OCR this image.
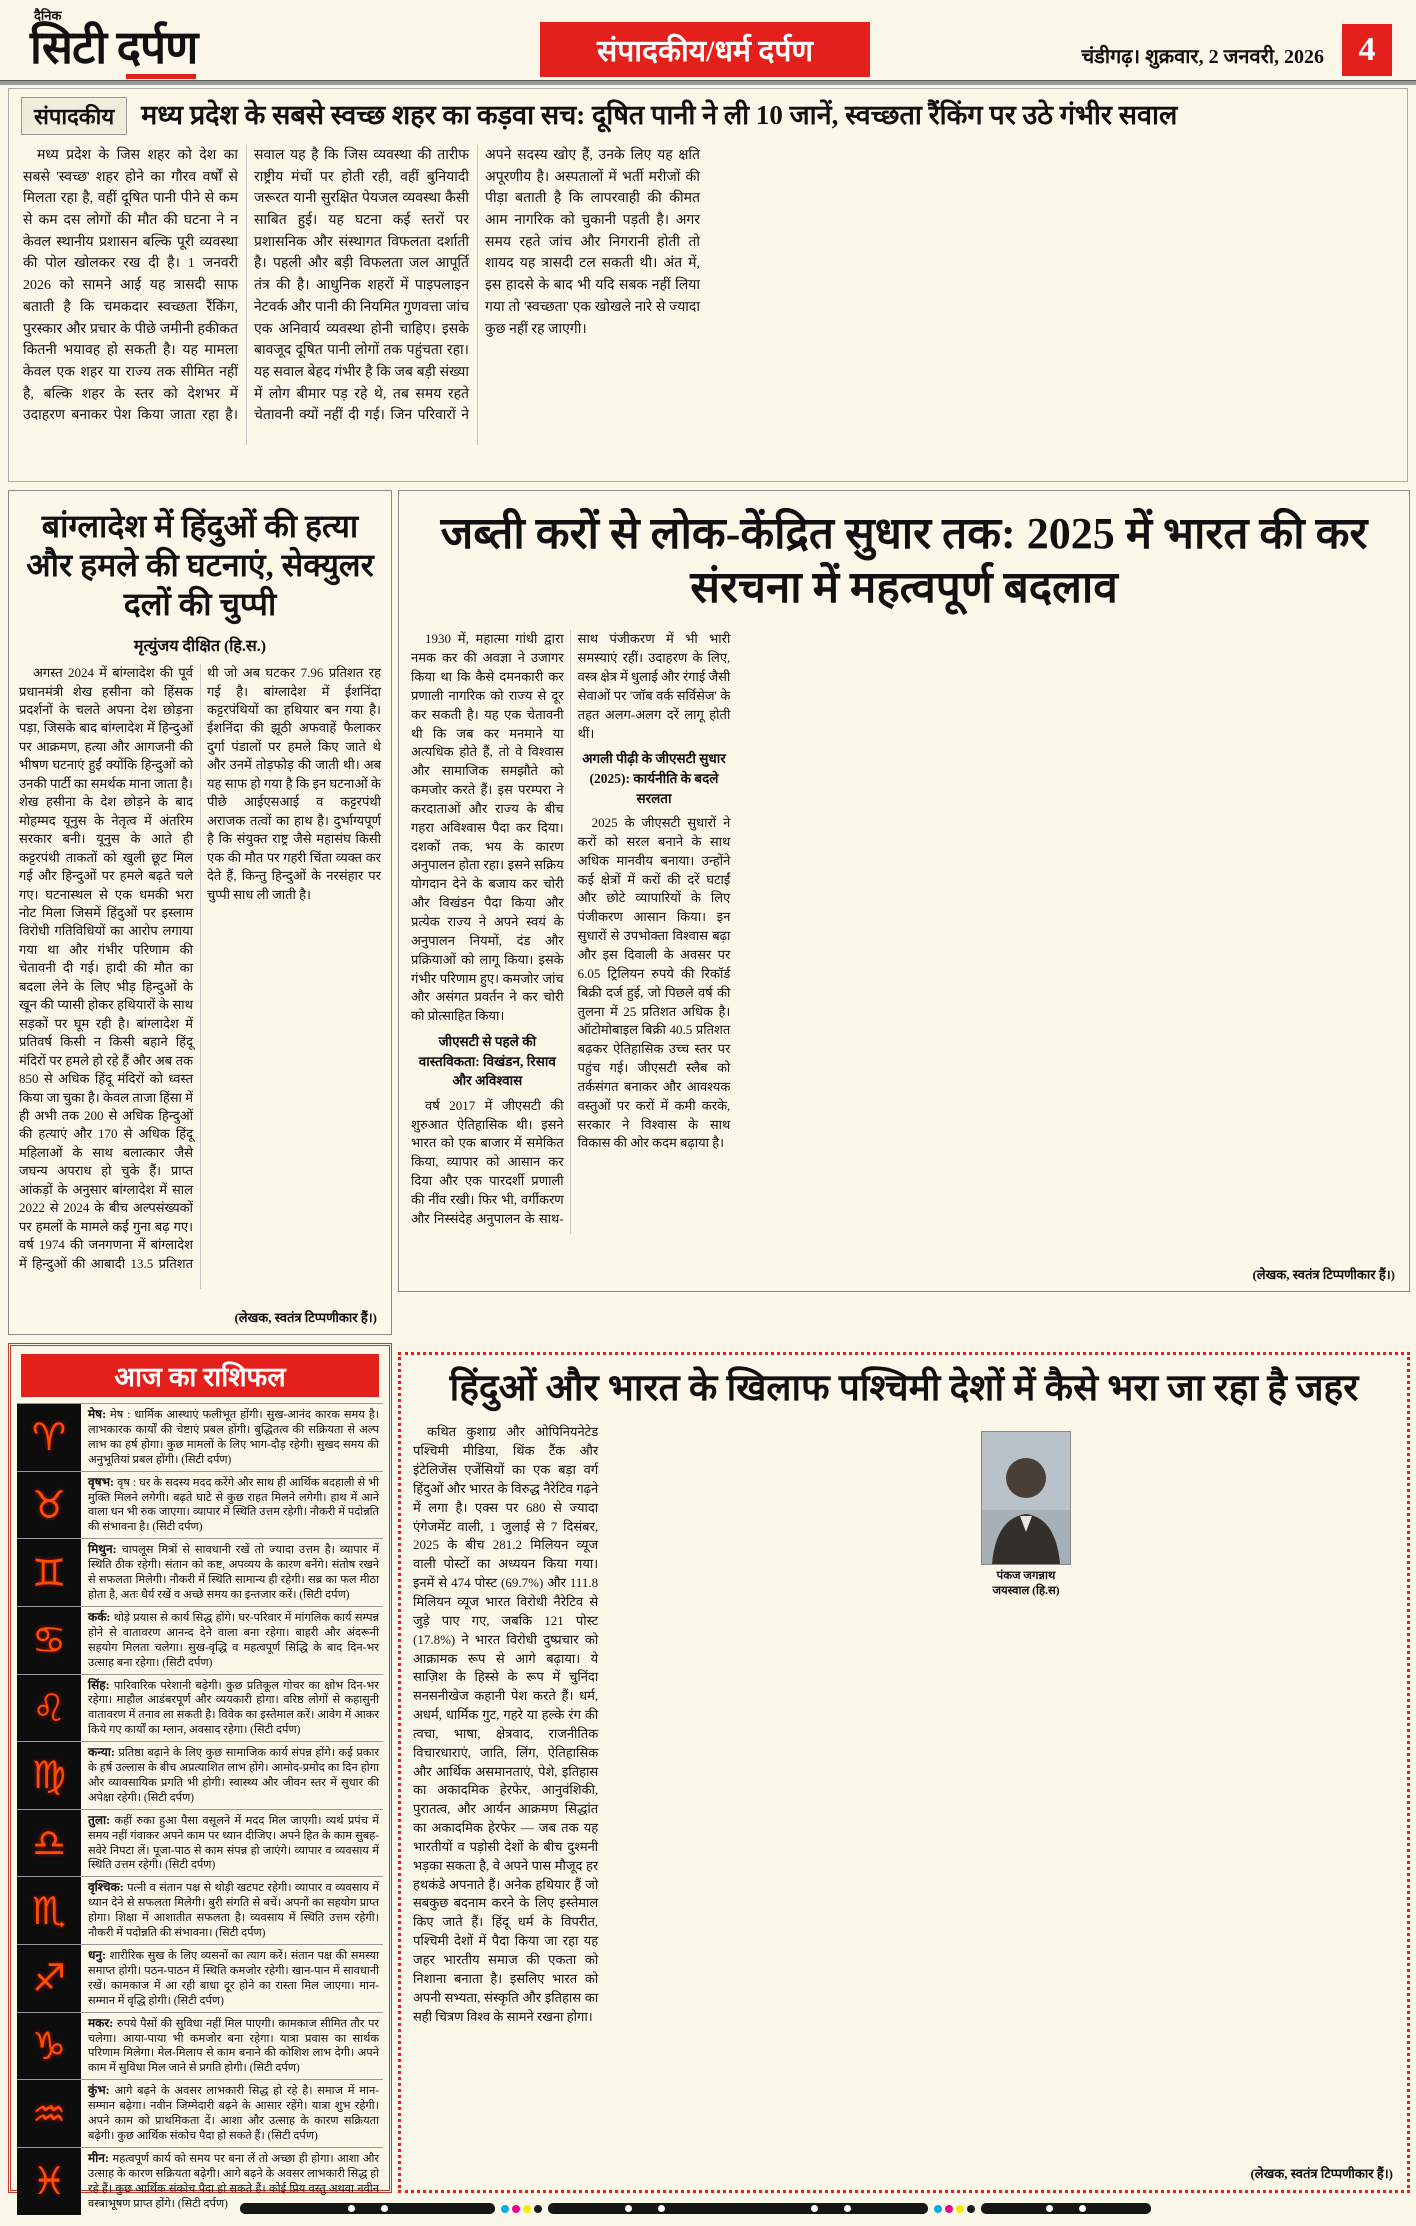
दैनिक
सिटी दर्पण	संपादकीय/धर्म दर्पण	चंडीगढ़। शुक्रवार, 2 जनवरी, 2026	4
संपादकीय	मध्य प्रदेश के सबसे स्वच्छ शहर का कड़वा सच: दूषित पानी ने ली 10 जानें, स्वच्छता रैंकिंग पर उठे गंभीर सवाल

मध्य प्रदेश के जिस शहर को देश का सबसे 'स्वच्छ' शहर होने का गौरव वर्षों से मिलता रहा है, वहीं दूषित पानी पीने से कम से कम दस लोगों की मौत की घटना ने न केवल स्थानीय प्रशासन बल्कि पूरी व्यवस्था की पोल खोलकर रख दी है। 1 जनवरी 2026 को सामने आई यह त्रासदी साफ बताती है कि चमकदार स्वच्छता रैंकिंग, पुरस्कार और प्रचार के पीछे जमीनी हकीकत कितनी भयावह हो सकती है। यह मामला केवल एक शहर या राज्य तक सीमित नहीं है, बल्कि शहर के स्तर को देशभर में उदाहरण बनाकर पेश किया जाता रहा है। सवाल यह है कि जिस व्यवस्था की तारीफ राष्ट्रीय मंचों पर होती रही, वहीं बुनियादी जरूरत यानी सुरक्षित पेयजल व्यवस्था कैसी साबित हुई। यह घटना कई स्तरों पर प्रशासनिक और संस्थागत विफलता दर्शाती है। पहली और बड़ी विफलता जल आपूर्ति तंत्र की है। आधुनिक शहरों में पाइपलाइन नेटवर्क और पानी की नियमित गुणवत्ता जांच एक अनिवार्य व्यवस्था होनी चाहिए। इसके बावजूद दूषित पानी लोगों तक पहुंचता रहा। यह सवाल बेहद गंभीर है कि जब बड़ी संख्या में लोग बीमार पड़ रहे थे, तब समय रहते चेतावनी क्यों नहीं दी गई। जिन परिवारों ने अपने सदस्य खोए हैं, उनके लिए यह क्षति अपूरणीय है। अस्पतालों में भर्ती मरीजों की पीड़ा बताती है कि लापरवाही की कीमत आम नागरिक को चुकानी पड़ती है। अगर समय रहते जांच और निगरानी होती तो शायद यह त्रासदी टल सकती थी। अंत में, इस हादसे के बाद भी यदि सबक नहीं लिया गया तो 'स्वच्छता' एक खोखले नारे से ज्यादा कुछ नहीं रह जाएगी।

बांग्लादेश में हिंदुओं की हत्या और हमले की घटनाएं, सेक्युलर दलों की चुप्पी
मृत्युंजय दीक्षित (हि.स.)

अगस्त 2024 में बांग्लादेश की पूर्व प्रधानमंत्री शेख हसीना को हिंसक प्रदर्शनों के चलते अपना देश छोड़ना पड़ा, जिसके बाद बांग्लादेश में हिन्दुओं पर आक्रमण, हत्या और आगजनी की भीषण घटनाएं हुईं क्योंकि हिन्दुओं को उनकी पार्टी का समर्थक माना जाता है। शेख हसीना के देश छोड़ने के बाद मोहम्मद यूनुस के नेतृत्व में अंतरिम सरकार बनी। यूनुस के आते ही कट्टरपंथी ताकतों को खुली छूट मिल गई और हिन्दुओं पर हमले बढ़ते चले गए। घटनास्थल से एक धमकी भरा नोट मिला जिसमें हिंदुओं पर इस्लाम विरोधी गतिविधियों का आरोप लगाया गया था और गंभीर परिणाम की चेतावनी दी गई। हादी की मौत का बदला लेने के लिए भीड़ हिन्दुओं के खून की प्यासी होकर हथियारों के साथ सड़कों पर घूम रही है। बांग्लादेश में प्रतिवर्ष किसी न किसी बहाने हिंदू मंदिरों पर हमले हो रहे हैं और अब तक 850 से अधिक हिंदू मंदिरों को ध्वस्त किया जा चुका है। केवल ताजा हिंसा में ही अभी तक 200 से अधिक हिन्दुओं की हत्याएं और 170 से अधिक हिंदू महिलाओं के साथ बलात्कार जैसे जघन्य अपराध हो चुके हैं। प्राप्त आंकड़ों के अनुसार बांग्लादेश में साल 2022 से 2024 के बीच अल्पसंख्यकों पर हमलों के मामले कई गुना बढ़ गए। वर्ष 1974 की जनगणना में बांग्लादेश में हिन्दुओं की आबादी 13.5 प्रतिशत थी जो अब घटकर 7.96 प्रतिशत रह गई है। बांग्लादेश में ईशनिंदा कट्टरपंथियों का हथियार बन गया है। ईशनिंदा की झूठी अफवाहें फैलाकर दुर्गा पंडालों पर हमले किए जाते थे और उनमें तोड़फोड़ की जाती थी। अब यह साफ हो गया है कि इन घटनाओं के पीछे आईएसआई व कट्टरपंथी अराजक तत्वों का हाथ है। दुर्भाग्यपूर्ण है कि संयुक्त राष्ट्र जैसे महासंघ किसी एक की मौत पर गहरी चिंता व्यक्त कर देते हैं, किन्तु हिन्दुओं के नरसंहार पर चुप्पी साध ली जाती है।

(लेखक, स्वतंत्र टिप्पणीकार हैं।)
जब्ती करों से लोक-केंद्रित सुधार तक: 2025 में भारत की कर संरचना में महत्वपूर्ण बदलाव

1930 में, महात्मा गांधी द्वारा नमक कर की अवज्ञा ने उजागर किया था कि कैसे दमनकारी कर प्रणाली नागरिक को राज्य से दूर कर सकती है। यह एक चेतावनी थी कि जब कर मनमाने या अत्यधिक होते हैं, तो वे विश्वास और सामाजिक समझौते को कमजोर करते हैं। इस परम्परा ने करदाताओं और राज्य के बीच गहरा अविश्वास पैदा कर दिया। दशकों तक, भय के कारण अनुपालन होता रहा। इसने सक्रिय योगदान देने के बजाय कर चोरी और विखंडन पैदा किया और प्रत्येक राज्य ने अपने स्वयं के अनुपालन नियमों, दंड और प्रक्रियाओं को लागू किया। इसके गंभीर परिणाम हुए। कमजोर जांच और असंगत प्रवर्तन ने कर चोरी को प्रोत्साहित किया।

जीएसटी से पहले की वास्तविकता: विखंडन, रिसाव और अविश्वास

वर्ष 2017 में जीएसटी की शुरुआत ऐतिहासिक थी। इसने भारत को एक बाजार में समेकित किया, व्यापार को आसान कर दिया और एक पारदर्शी प्रणाली की नींव रखी। फिर भी, वर्गीकरण और निस्संदेह अनुपालन के साथ-साथ पंजीकरण में भी भारी समस्याएं रहीं। उदाहरण के लिए, वस्त्र क्षेत्र में धुलाई और रंगाई जैसी सेवाओं पर 'जॉब वर्क सर्विसेज' के तहत अलग-अलग दरें लागू होती थीं।

अगली पीढ़ी के जीएसटी सुधार (2025): कार्यनीति के बदले सरलता

2025 के जीएसटी सुधारों ने करों को सरल बनाने के साथ अधिक मानवीय बनाया। उन्होंने कई क्षेत्रों में करों की दरें घटाईं और छोटे व्यापारियों के लिए पंजीकरण आसान किया। इन सुधारों से उपभोक्ता विश्वास बढ़ा और इस दिवाली के अवसर पर 6.05 ट्रिलियन रुपये की रिकॉर्ड बिक्री दर्ज हुई, जो पिछले वर्ष की तुलना में 25 प्रतिशत अधिक है। ऑटोमोबाइल बिक्री 40.5 प्रतिशत बढ़कर ऐतिहासिक उच्च स्तर पर पहुंच गई। जीएसटी स्लैब को तर्कसंगत बनाकर और आवश्यक वस्तुओं पर करों में कमी करके, सरकार ने विश्वास के साथ विकास की ओर कदम बढ़ाया है।

(लेखक, स्वतंत्र टिप्पणीकार हैं।)
आज का राशिफल
♈
मेष: मेष : धार्मिक आस्थाएं फलीभूत होंगी। सुख-आनंद कारक समय है। लाभकारक कार्यों की चेष्टाएं प्रबल होंगी। बुद्धितत्व की सक्रियता से अल्प लाभ का हर्ष होगा। कुछ मामलों के लिए भाग-दौड़ रहेगी। सुखद समय की अनुभूतियां प्रबल होंगी। (सिटी दर्पण)
♉
वृषभ: वृष : घर के सदस्य मदद करेंगे और साथ ही आर्थिक बदहाली से भी मुक्ति मिलने लगेगी। बढ़ते घाटे से कुछ राहत मिलने लगेगी। हाथ में आने वाला धन भी रुक जाएगा। व्यापार में स्थिति उत्तम रहेगी। नौकरी में पदोन्नति की संभावना है। (सिटी दर्पण)
♊
मिथुन: चापलूस मित्रों से सावधानी रखें तो ज्यादा उत्तम है। व्यापार में स्थिति ठीक रहेगी। संतान को कष्ट, अपव्यय के कारण बनेंगे। संतोष रखने से सफलता मिलेगी। नौकरी में स्थिति सामान्य ही रहेगी। सब्र का फल मीठा होता है, अतः धैर्य रखें व अच्छे समय का इन्तजार करें। (सिटी दर्पण)
♋
कर्क: थोड़े प्रयास से कार्य सिद्ध होंगे। घर-परिवार में मांगलिक कार्य सम्पन्न होने से वातावरण आनन्द देने वाला बना रहेगा। बाहरी और अंदरूनी सहयोग मिलता चलेगा। सुख-वृद्धि व महत्वपूर्ण सिद्धि के बाद दिन-भर उत्साह बना रहेगा। (सिटी दर्पण)
♌
सिंह: पारिवारिक परेशानी बढ़ेगी। कुछ प्रतिकूल गोचर का क्षोभ दिन-भर रहेगा। माहौल आडंबरपूर्ण और व्ययकारी होगा। वरिष्ठ लोगों से कहासुनी वातावरण में तनाव ला सकती है। विवेक का इस्तेमाल करें। आवेग में आकर किये गए कार्यों का म्लान, अवसाद रहेगा। (सिटी दर्पण)
♍
कन्या: प्रतिष्ठा बढ़ाने के लिए कुछ सामाजिक कार्य संपन्न होंगे। कई प्रकार के हर्ष उल्लास के बीच अप्रत्याशित लाभ होंगे। आमोद-प्रमोद का दिन होगा और व्यावसायिक प्रगति भी होगी। स्वास्थ्य और जीवन स्तर में सुधार की अपेक्षा रहेगी। (सिटी दर्पण)
♎
तुला: कहीं रुका हुआ पैसा वसूलने में मदद मिल जाएगी। व्यर्थ प्रपंच में समय नहीं गंवाकर अपने काम पर ध्यान दीजिए। अपने हित के काम सुबह-सवेरे निपटा लें। पूजा-पाठ से काम संपन्न हो जाएंगे। व्यापार व व्यवसाय में स्थिति उत्तम रहेगी। (सिटी दर्पण)
♏
वृश्चिक: पत्नी व संतान पक्ष से थोड़ी खटपट रहेगी। व्यापार व व्यवसाय में ध्यान देने से सफलता मिलेगी। बुरी संगति से बचें। अपनों का सहयोग प्राप्त होगा। शिक्षा में आशातीत सफलता है। व्यवसाय में स्थिति उत्तम रहेगी। नौकरी में पदोन्नति की संभावना। (सिटी दर्पण)
♐
धनु: शारीरिक सुख के लिए व्यसनों का त्याग करें। संतान पक्ष की समस्या समाप्त होगी। पठन-पाठन में स्थिति कमजोर रहेगी। खान-पान में सावधानी रखें। कामकाज में आ रही बाधा दूर होने का रास्ता मिल जाएगा। मान-सम्मान में वृद्धि होगी। (सिटी दर्पण)
♑
मकर: रुपये पैसों की सुविधा नहीं मिल पाएगी। कामकाज सीमित तौर पर चलेगा। आया-पाया भी कमजोर बना रहेगा। यात्रा प्रवास का सार्थक परिणाम मिलेगा। मेल-मिलाप से काम बनाने की कोशिश लाभ देगी। अपने काम में सुविधा मिल जाने से प्रगति होगी। (सिटी दर्पण)
♒
कुंभ: आगे बढ़ने के अवसर लाभकारी सिद्ध हो रहे है। समाज में मान-सम्मान बढ़ेगा। नवीन जिम्मेदारी बढ़ने के आसार रहेंगे। यात्रा शुभ रहेगी। अपने काम को प्राथमिकता दें। आशा और उत्साह के कारण सक्रियता बढ़ेगी। कुछ आर्थिक संकोच पैदा हो सकते हैं। (सिटी दर्पण)
♓
मीन: महत्वपूर्ण कार्य को समय पर बना लें तो अच्छा ही होगा। आशा और उत्साह के कारण सक्रियता बढ़ेगी। आगे बढ़ने के अवसर लाभकारी सिद्ध हो रहे हैं। कुछ आर्थिक संकोच पैदा हो सकते हैं। कोई प्रिय वस्तु अथवा नवीन वस्त्राभूषण प्राप्त होंगे। (सिटी दर्पण)
हिंदुओं और भारत के खिलाफ पश्चिमी देशों में कैसे भरा जा रहा है जहर

कथित कुशाग्र और ओपिनियनेटेड पश्चिमी मीडिया, थिंक टैंक और इंटेलिजेंस एजेंसियों का एक बड़ा वर्ग हिंदुओं और भारत के विरुद्ध नैरेटिव गढ़ने में लगा है। एक्स पर 680 से ज्यादा एंगेजमेंट वाली, 1 जुलाई से 7 दिसंबर, 2025 के बीच 281.2 मिलियन व्यूज वाली पोस्टों का अध्ययन किया गया। इनमें से 474 पोस्ट (69.7%) और 111.8 मिलियन व्यूज भारत विरोधी नैरेटिव से जुड़े पाए गए, जबकि 121 पोस्ट (17.8%) ने भारत विरोधी दुष्प्रचार को आक्रामक रूप से आगे बढ़ाया। ये साज़िश के हिस्से के रूप में चुनिंदा सनसनीखेज कहानी पेश करते हैं। धर्म, अधर्म, धार्मिक गुट, गहरे या हल्के रंग की त्वचा, भाषा, क्षेत्रवाद, राजनीतिक विचारधाराएं, जाति, लिंग, ऐतिहासिक और आर्थिक असमानताएं, पेशे, इतिहास का अकादमिक हेरफेर, आनुवंशिकी, पुरातत्व, और आर्यन आक्रमण सिद्धांत का अकादमिक हेरफेर — जब तक यह भारतीयों व पड़ोसी देशों के बीच दुश्मनी भड़का सकता है, वे अपने पास मौजूद हर हथकंडे अपनाते हैं। अनेक हथियार हैं जो सबकुछ बदनाम करने के लिए इस्तेमाल किए जाते हैं। हिंदू धर्म के विपरीत, पश्चिमी देशों में पैदा किया जा रहा यह जहर भारतीय समाज की एकता को निशाना बनाता है। इसलिए भारत को अपनी सभ्यता, संस्कृति और इतिहास का सही चित्रण विश्व के सामने रखना होगा।

पंकज जगन्नाथ जयस्वाल (हि.स)
(लेखक, स्वतंत्र टिप्पणीकार हैं।)
